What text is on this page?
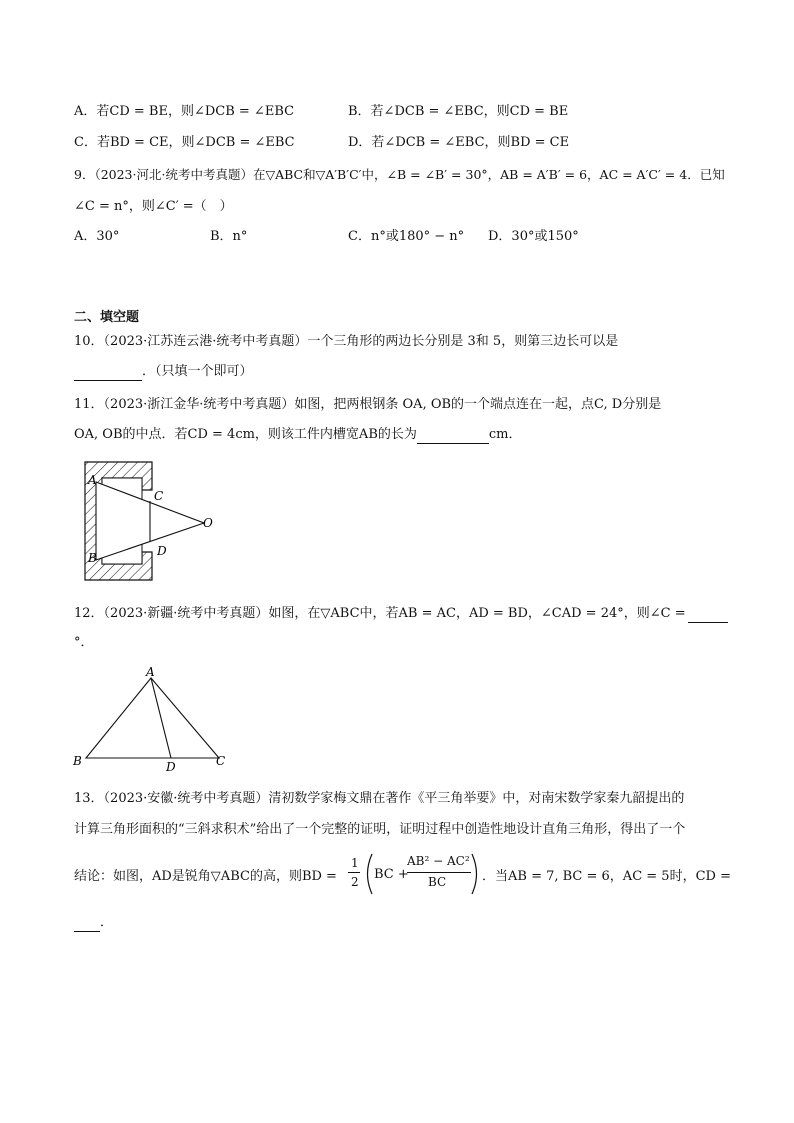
A．若CD = BE，则∠DCB = ∠EBC	B．若∠DCB = ∠EBC，则CD = BE
C．若BD = CE，则∠DCB = ∠EBC	D．若∠DCB = ∠EBC，则BD = CE
9．（2023·河北·统考中考真题）在▽ABC和▽A′B′C′中，∠B = ∠B′ = 30°，AB = A′B′ = 6，AC = A′C′ = 4．已知
∠C = n°，则∠C′ =（　）
A．30°	B．n°	C．n°或180° − n° D．30°或150°
二、填空题
10．（2023·江苏连云港·统考中考真题）一个三角形的两边长分别是 3和 5，则第三边长可以是
．（只填一个即可）
11．（2023·浙江金华·统考中考真题）如图，把两根钢条 OA, OB的一个端点连在一起，点C, D分别是
OA, OB的中点．若CD = 4cm，则该工件内槽宽AB的长为	cm．
A
B
C
D
O
12．（2023·新疆·统考中考真题）如图，在▽ABC中，若AB = AC，AD = BD，∠CAD = 24°，则∠C =
°．
A
B	C
D
13．（2023·安徽·统考中考真题）清初数学家梅文鼎在著作《平三角举要》中，对南宋数学家秦九韶提出的
计算三角形面积的“三斜求积术”给出了一个完整的证明，证明过程中创造性地设计直角三角形，得出了一个
结论：如图，AD是锐角▽ABC的高，则BD =
1
2 BC +
AB² − AC²
BC	．当AB = 7, BC = 6，AC = 5时，CD =
．
